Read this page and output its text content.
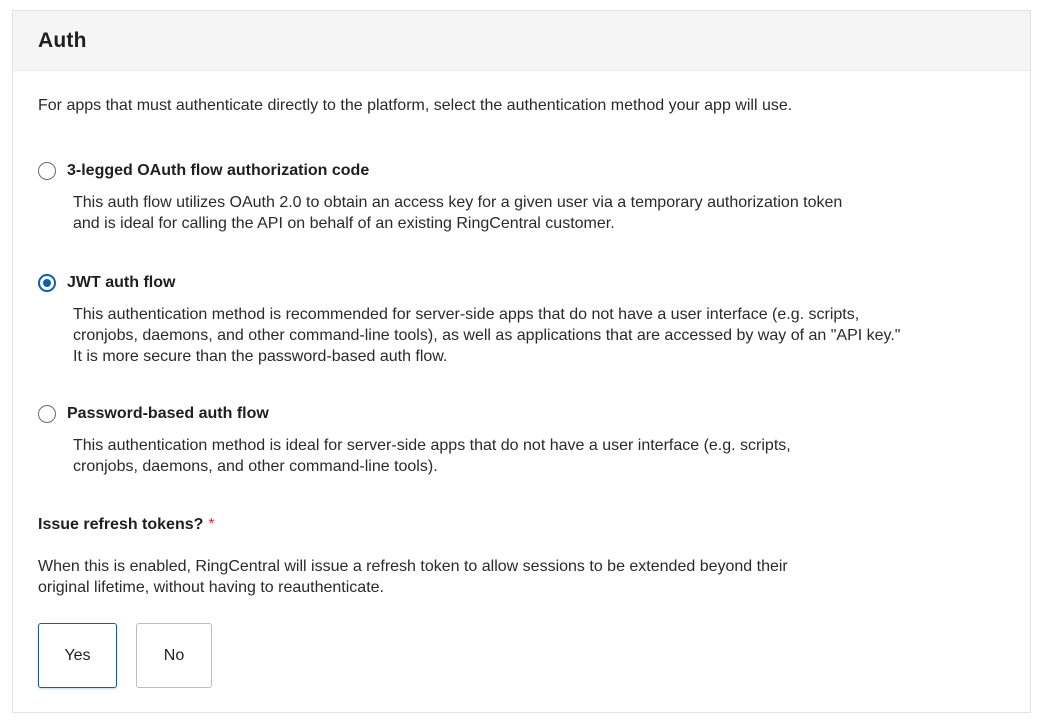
Auth
For apps that must authenticate directly to the platform, select the authentication method your app will use.
3-legged OAuth flow authorization code
This auth flow utilizes OAuth 2.0 to obtain an access key for a given user via a temporary authorization token
and is ideal for calling the API on behalf of an existing RingCentral customer.
JWT auth flow
This authentication method is recommended for server-side apps that do not have a user interface (e.g. scripts,
cronjobs, daemons, and other command-line tools), as well as applications that are accessed by way of an "API key."
It is more secure than the password-based auth flow.
Password-based auth flow
This authentication method is ideal for server-side apps that do not have a user interface (e.g. scripts,
cronjobs, daemons, and other command-line tools).
Issue refresh tokens? *
When this is enabled, RingCentral will issue a refresh token to allow sessions to be extended beyond their
original lifetime, without having to reauthenticate.
Yes	No
